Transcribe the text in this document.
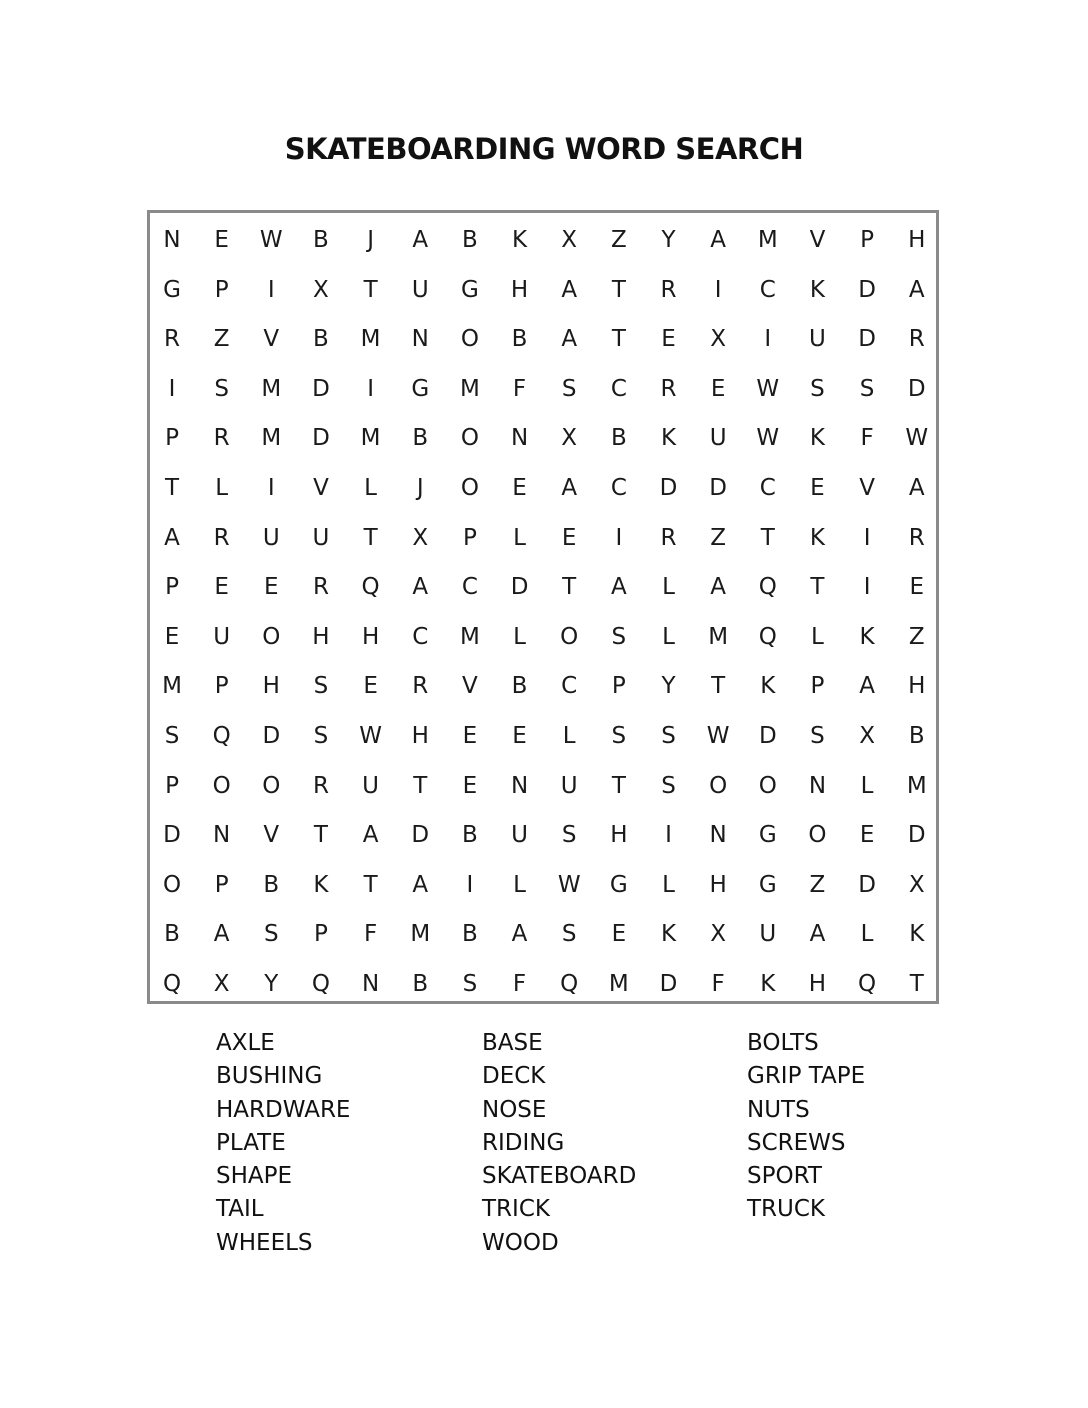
SKATEBOARDING WORD SEARCH
N	E	W	B	J	A	B	K	X	Z	Y	A	M	V	P	H
G	P	I	X	T	U	G	H	A	T	R	I	C	K	D	A
R	Z	V	B	M	N	O	B	A	T	E	X	I	U	D	R
I	S	M	D	I	G	M	F	S	C	R	E	W	S	S	D
P	R	M	D	M	B	O	N	X	B	K	U	W	K	F	W
T	L	I	V	L	J	O	E	A	C	D	D	C	E	V	A
A	R	U	U	T	X	P	L	E	I	R	Z	T	K	I	R
P	E	E	R	Q	A	C	D	T	A	L	A	Q	T	I	E
E	U	O	H	H	C	M	L	O	S	L	M	Q	L	K	Z
M	P	H	S	E	R	V	B	C	P	Y	T	K	P	A	H
S	Q	D	S	W	H	E	E	L	S	S	W	D	S	X	B
P	O	O	R	U	T	E	N	U	T	S	O	O	N	L	M
D	N	V	T	A	D	B	U	S	H	I	N	G	O	E	D
O	P	B	K	T	A	I	L	W	G	L	H	G	Z	D	X
B	A	S	P	F	M	B	A	S	E	K	X	U	A	L	K
Q	X	Y	Q	N	B	S	F	Q	M	D	F	K	H	Q	T
AXLE
BUSHING
HARDWARE
PLATE
SHAPE
TAIL
WHEELS
BASE
DECK
NOSE
RIDING
SKATEBOARD
TRICK
WOOD
BOLTS
GRIP TAPE
NUTS
SCREWS
SPORT
TRUCK
